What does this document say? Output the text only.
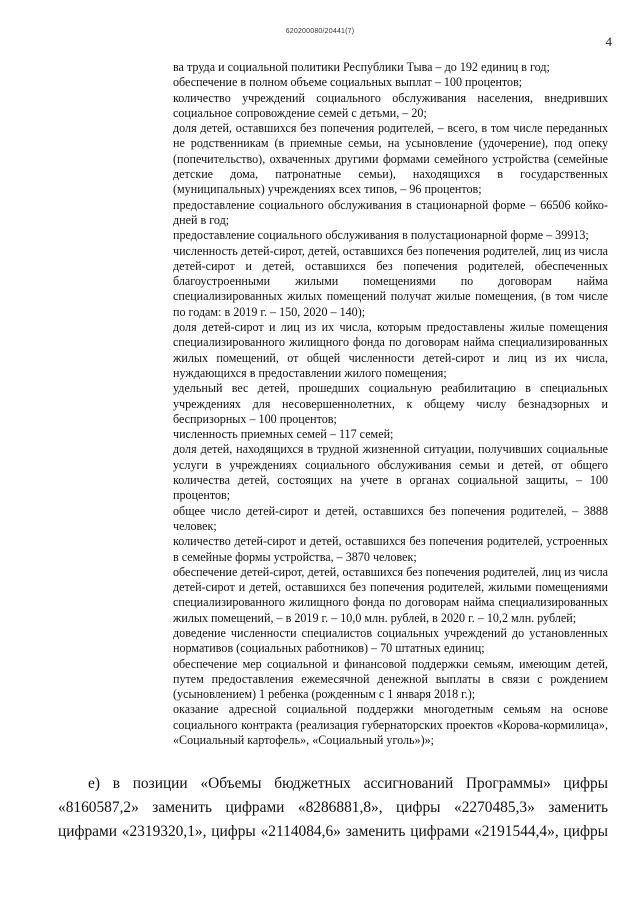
620200080/20441(7)
4

ва труда и социальной политики Республики Тыва – до 192 единиц в год;

обеспечение в полном объеме социальных выплат – 100 процентов;

количество учреждений социального обслуживания населения, внедривших социальное сопровождение семей с детьми, – 20;

доля детей, оставшихся без попечения родителей, – всего, в том числе переданных не родственникам (в приемные семьи, на усыновление (удочерение), под опеку (попечительство), охваченных другими формами семейного устройства (семейные детские дома, патронатные семьи), находящихся в государственных (муниципальных) учреждениях всех типов, – 96 процентов;

предоставление социального обслуживания в стационарной форме – 66506 койко-дней в год;

предоставление социального обслуживания в полустационарной форме – 39913;

численность детей-сирот, детей, оставшихся без попечения родителей, лиц из числа детей-сирот и детей, оставшихся без попечения родителей, обеспеченных благоустроенными жилыми помещениями по договорам найма специализированных жилых помещений получат жилые помещения, (в том числе по годам: в 2019 г. – 150, 2020 – 140);

доля детей-сирот и лиц из их числа, которым предоставлены жилые помещения специализированного жилищного фонда по договорам найма специализированных жилых помещений, от общей численности детей-сирот и лиц из их числа, нуждающихся в предоставлении жилого помещения;

удельный вес детей, прошедших социальную реабилитацию в специальных учреждениях для несовершеннолетних, к общему числу безнадзорных и беспризорных – 100 процентов;

численность приемных семей – 117 семей;

доля детей, находящихся в трудной жизненной ситуации, получивших социальные услуги в учреждениях социального обслуживания семьи и детей, от общего количества детей, состоящих на учете в органах социальной защиты, – 100 процентов;

общее число детей-сирот и детей, оставшихся без попечения родителей, – 3888 человек;

количество детей-сирот и детей, оставшихся без попечения родителей, устроенных в семейные формы устройства, – 3870 человек;

обеспечение детей-сирот, детей, оставшихся без попечения родителей, лиц из числа детей-сирот и детей, оставшихся без попечения родителей, жилыми помещениями специализированного жилищного фонда по договорам найма специализированных жилых помещений, – в 2019 г. – 10,0 млн. рублей, в 2020 г. – 10,2 млн. рублей;

доведение численности специалистов социальных учреждений до установленных нормативов (социальных работников) – 70 штатных единиц;

обеспечение мер социальной и финансовой поддержки семьям, имеющим детей, путем предоставления ежемесячной денежной выплаты в связи с рождением (усыновлением) 1 ребенка (рожденным с 1 января 2018 г.);

оказание адресной социальной поддержки многодетным семьям на основе социального контракта (реализация губернаторских проектов «Корова-кормилица», «Социальный картофель», «Социальный уголь»)»;

е) в позиции «Объемы бюджетных ассигнований Программы» цифры «8160587,2» заменить цифрами «8286881,8», цифры «2270485,3» заменить цифрами «2319320,1», цифры «2114084,6» заменить цифрами «2191544,4», цифры
